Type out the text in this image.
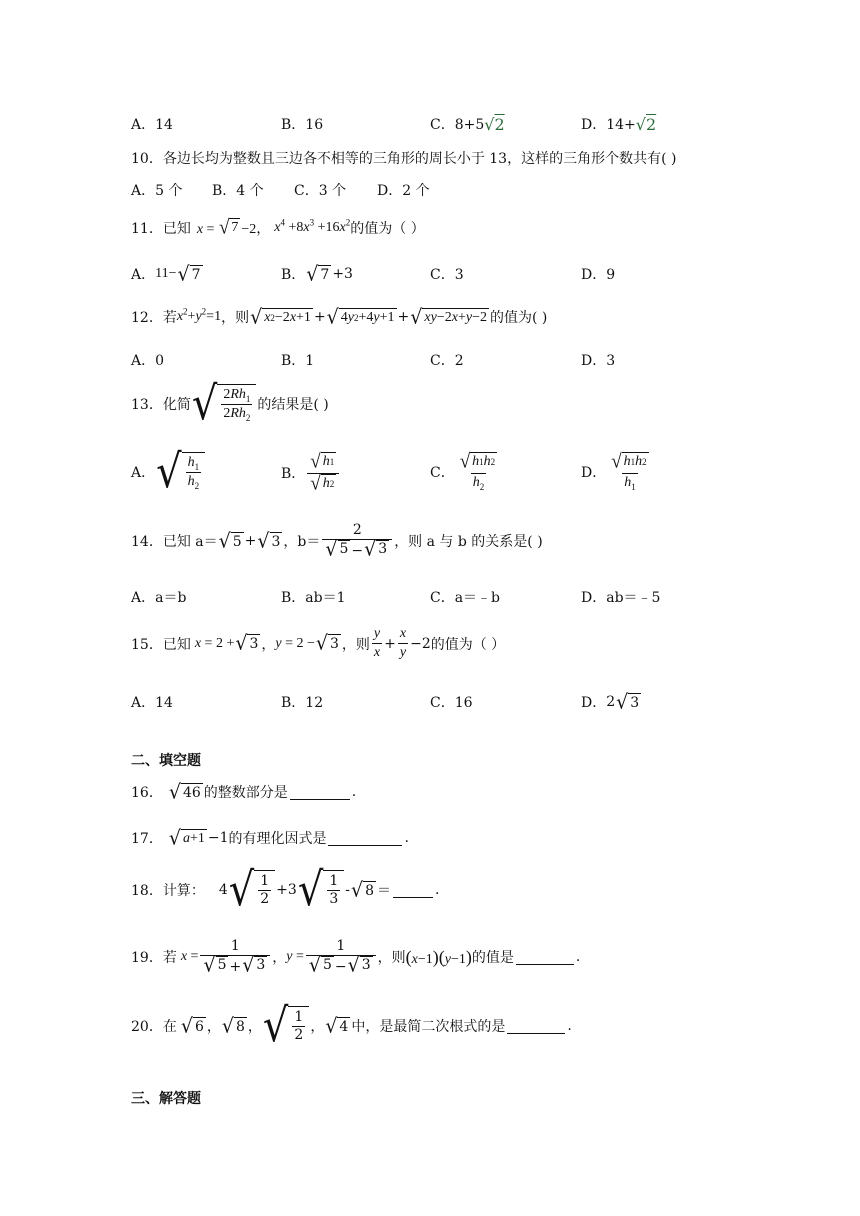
A．14	B．16	C．8+5 √ 2	D．14+ √ 2
10．各边长均为整数且三边各不相等的三角形的周长小于 13，这样的三角形个数共有( )
A．5 个 B．4 个 C．3 个 D．2 个
11．已知 x = √ 7 −2， $x^4 +8x^3 +16x^2$ 的值为（ ）
A． 11− √ 7	B． √ 7 +3	C．3	D．9
12．若 $x^2+y^2=1$ ，则 √ x 2 −2 x +1 + √ 4 y 2 +4 y +1 + √ xy −2 x + y −2 的值为( )
A．0	B．1	C．2	D．3
13．化简 √ $\frac{2Rh_1}{2Rh_2}$ 的结果是( )
A． √ $\frac{h_1}{h_2}$	B． $\frac{√ h 1}{√ h 2}$	C． $\frac{√ h 1 h 2}{h_2}$	D． $\frac{√ h 1 h 2}{h_1}$
14．已知 a＝ √ 5 + √ 3 ，$b= \frac{2}{√ 5 - √ 3}$ ，则 a 与 b 的关系是( )
A．a＝b	B．ab＝1	C．a＝﹣b	D．ab＝﹣5
15．已知 x = 2 + √ 3 ， y = 2 − √ 3 ，则 $\frac{y}{x} + \frac{x}{y} -2$ 的值为（ ）
A．14	B．12	C．16	D． 2 √ 3
二、填空题
16． √ 46 的整数部分是	.
17． √ a +1 −1 的有理化因式是	.
18．计算： 4 √ $\frac{1}{2} +3$ √ $\frac{1}{3}$ - √ 8 ＝	.
19．若 $x = \frac{1}{√ 5 + √ 3}$ ， $y = \frac{1}{√ 5 - √ 3}$ ，则 (x−1)(y−1) 的值是	.
20．在 √ 6 ， √ 8 ， √ $\frac{1}{2}$ ， √ 4 中，是最简二次根式的是	.
三、解答题
